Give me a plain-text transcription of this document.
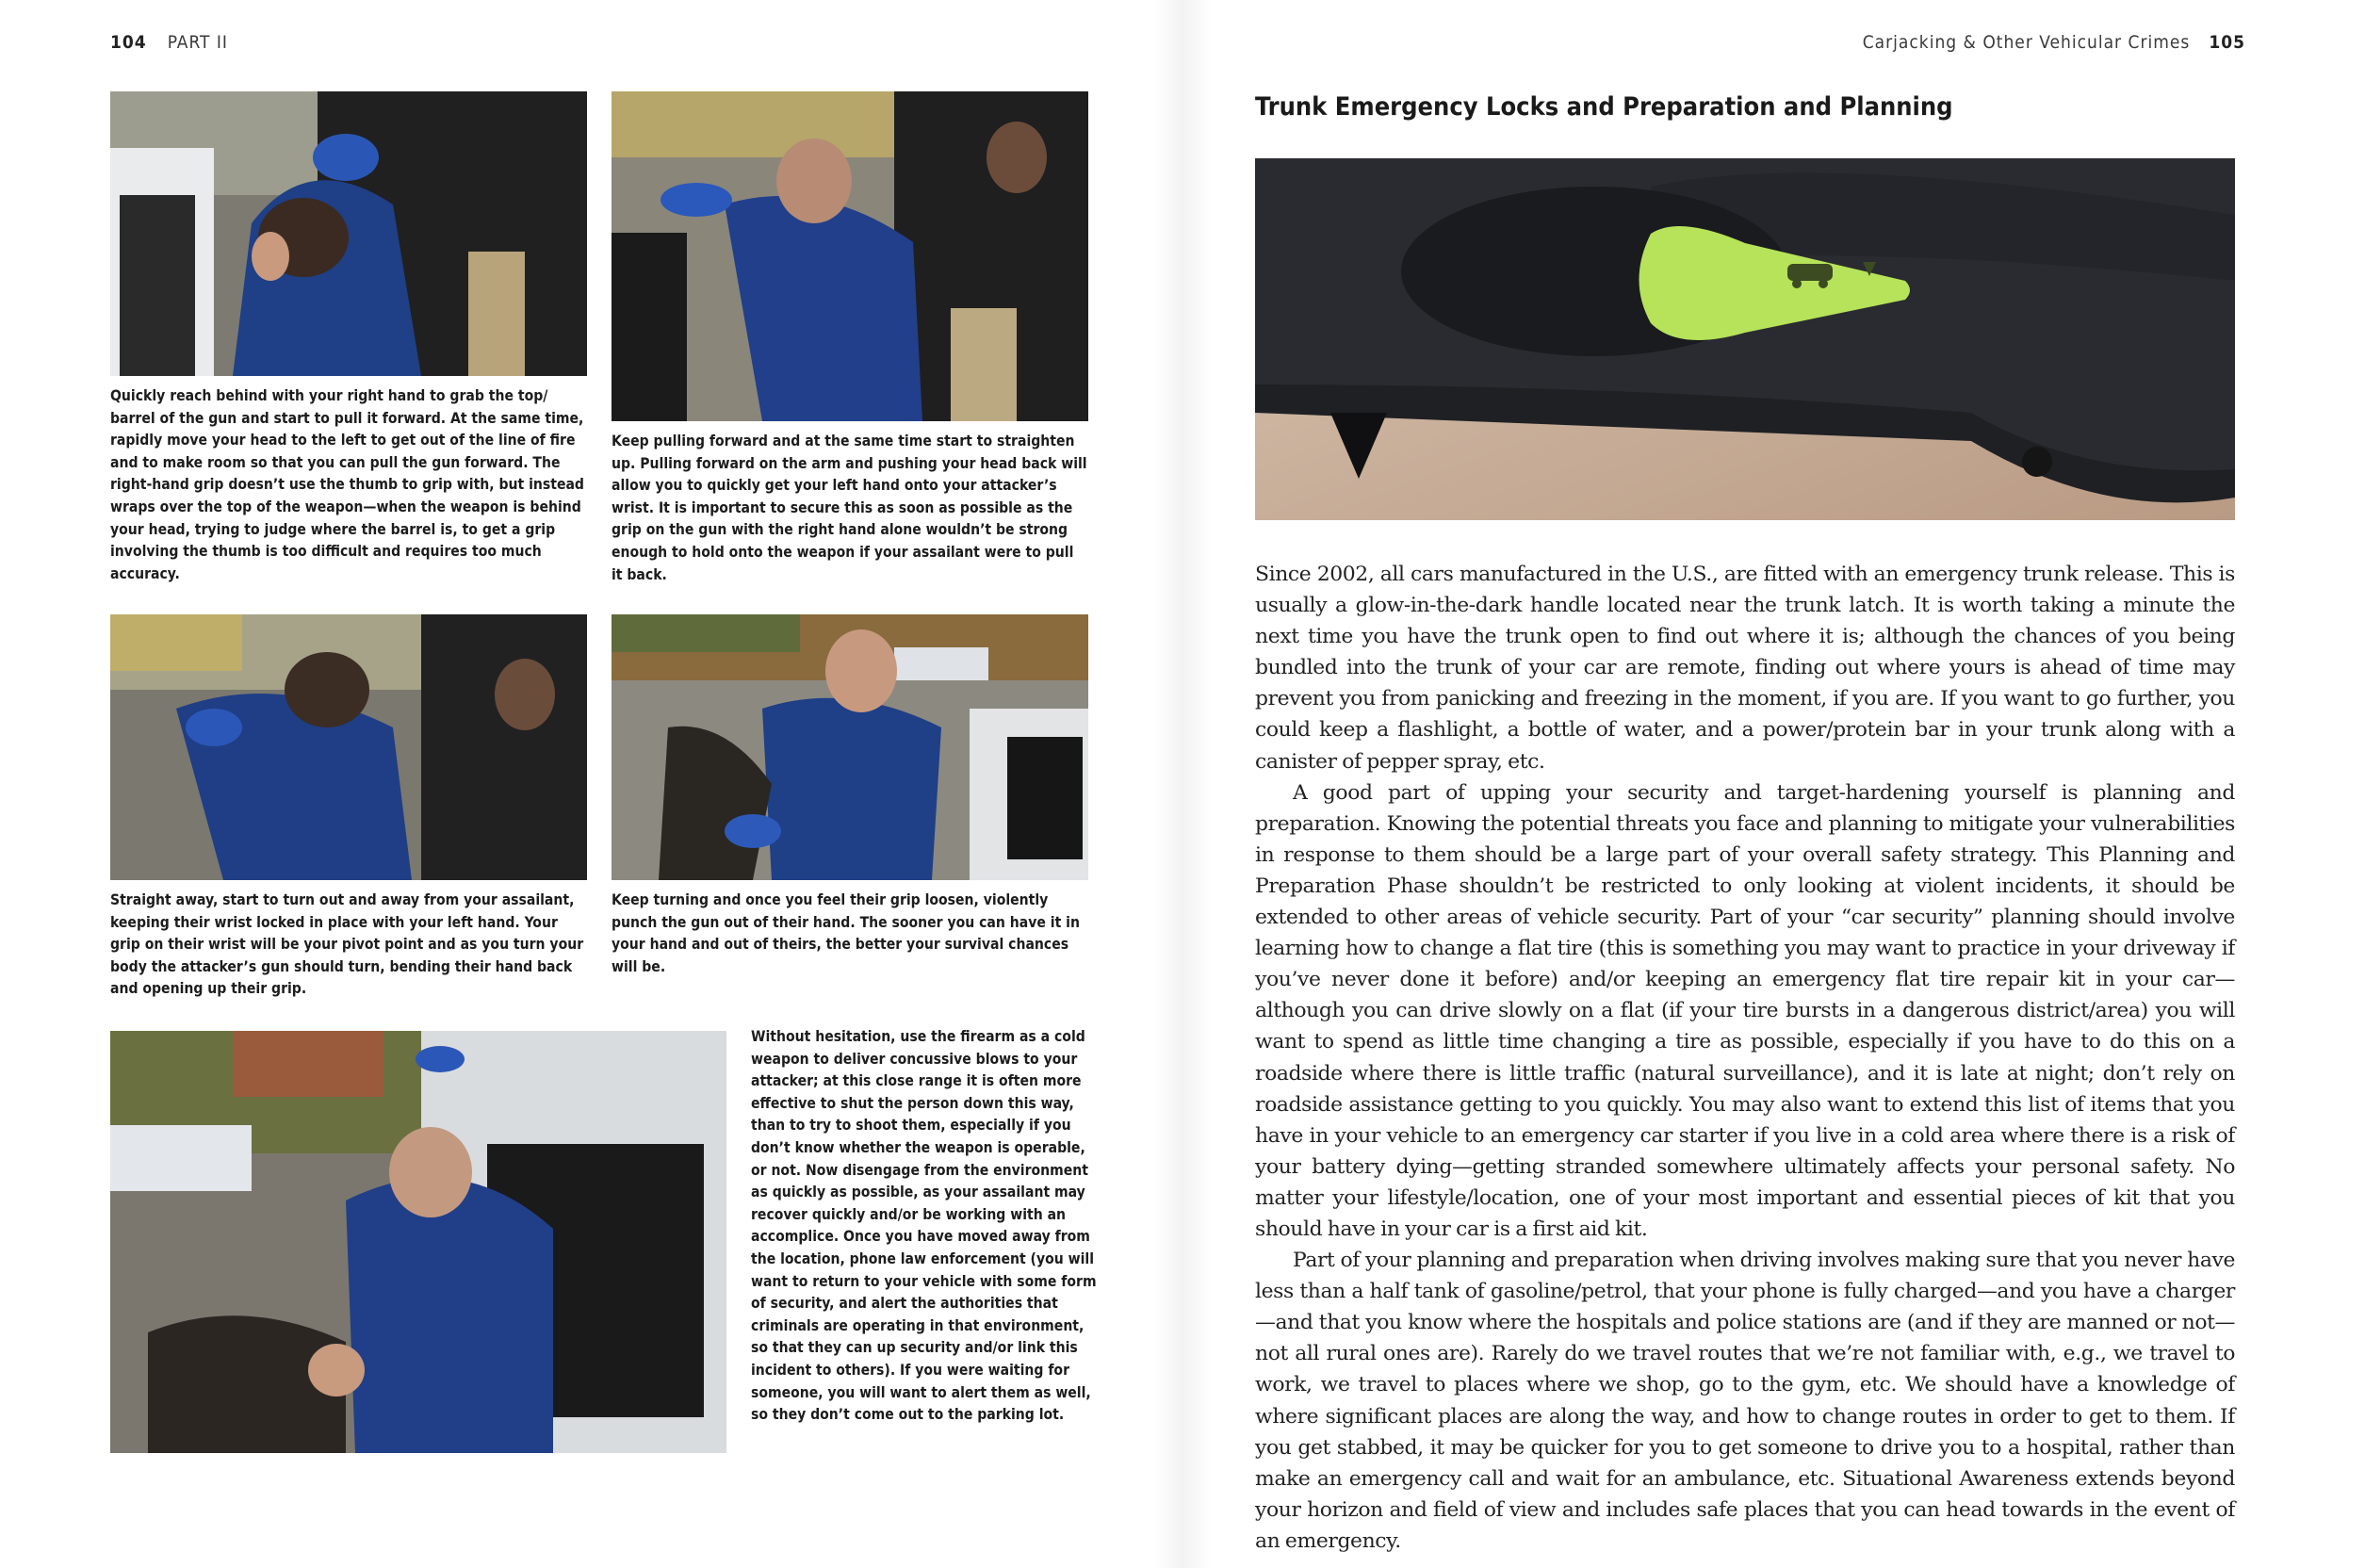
104 PART II

Quickly reach behind with your right hand to grab the top/ barrel of the gun and start to pull it forward. At the same time, rapidly move your head to the left to get out of the line of fire and to make room so that you can pull the gun forward. The right-hand grip doesn’t use the thumb to grip with, but instead wraps over the top of the weapon—when the weapon is behind your head, trying to judge where the barrel is, to get a grip involving the thumb is too difficult and requires too much accuracy.

Keep pulling forward and at the same time start to straighten up. Pulling forward on the arm and pushing your head back will allow you to quickly get your left hand onto your attacker’s wrist. It is important to secure this as soon as possible as the grip on the gun with the right hand alone wouldn’t be strong enough to hold onto the weapon if your assailant were to pull it back.

Straight away, start to turn out and away from your assailant, keeping their wrist locked in place with your left hand. Your grip on their wrist will be your pivot point and as you turn your body the attacker’s gun should turn, bending their hand back and opening up their grip.

Keep turning and once you feel their grip loosen, violently punch the gun out of their hand. The sooner you can have it in your hand and out of theirs, the better your survival chances will be.

Without hesitation, use the firearm as a cold weapon to deliver concussive blows to your attacker; at this close range it is often more effective to shut the person down this way, than to try to shoot them, especially if you don’t know whether the weapon is operable, or not. Now disengage from the environment as quickly as possible, as your assailant may recover quickly and/or be working with an accomplice. Once you have moved away from the location, phone law enforcement (you will want to return to your vehicle with some form of security, and alert the authorities that criminals are operating in that environment, so that they can up security and/or link this incident to others). If you were waiting for someone, you will want to alert them as well, so they don’t come out to the parking lot.

Carjacking & Other Vehicular Crimes 105
Trunk Emergency Locks and Preparation and Planning

Since 2002, all cars manufactured in the U.S., are fitted with an emergency trunk release. This is usually a glow-in-the-dark handle located near the trunk latch. It is worth taking a minute the next time you have the trunk open to find out where it is; although the chances of you being bundled into the trunk of your car are remote, finding out where yours is ahead of time may prevent you from panicking and freezing in the moment, if you are. If you want to go further, you could keep a flashlight, a bottle of water, and a power/protein bar in your trunk along with a canister of pepper spray, etc.

A good part of upping your security and target-hardening yourself is planning and preparation. Knowing the potential threats you face and planning to mitigate your vulnerabilities in response to them should be a large part of your overall safety strategy. This Planning and Preparation Phase shouldn’t be restricted to only looking at violent incidents, it should be extended to other areas of vehicle security. Part of your “car security” planning should involve learning how to change a flat tire (this is something you may want to practice in your driveway if you’ve never done it before) and/or keeping an emergency flat tire repair kit in your car—although you can drive slowly on a flat (if your tire bursts in a dangerous district/area) you will want to spend as little time changing a tire as possible, especially if you have to do this on a roadside where there is little traffic (natural surveillance), and it is late at night; don’t rely on roadside assistance getting to you quickly. You may also want to extend this list of items that you have in your vehicle to an emergency car starter if you live in a cold area where there is a risk of your battery dying—getting stranded somewhere ultimately affects your personal safety. No matter your lifestyle/location, one of your most important and essential pieces of kit that you should have in your car is a first aid kit.

Part of your planning and preparation when driving involves making sure that you never have less than a half tank of gasoline/petrol, that your phone is fully charged—and you have a charger—and that you know where the hospitals and police stations are (and if they are manned or not—not all rural ones are). Rarely do we travel routes that we’re not familiar with, e.g., we travel to work, we travel to places where we shop, go to the gym, etc. We should have a knowledge of where significant places are along the way, and how to change routes in order to get to them. If you get stabbed, it may be quicker for you to get someone to drive you to a hospital, rather than make an emergency call and wait for an ambulance, etc. Situational Awareness extends beyond your horizon and field of view and includes safe places that you can head towards in the event of an emergency.
